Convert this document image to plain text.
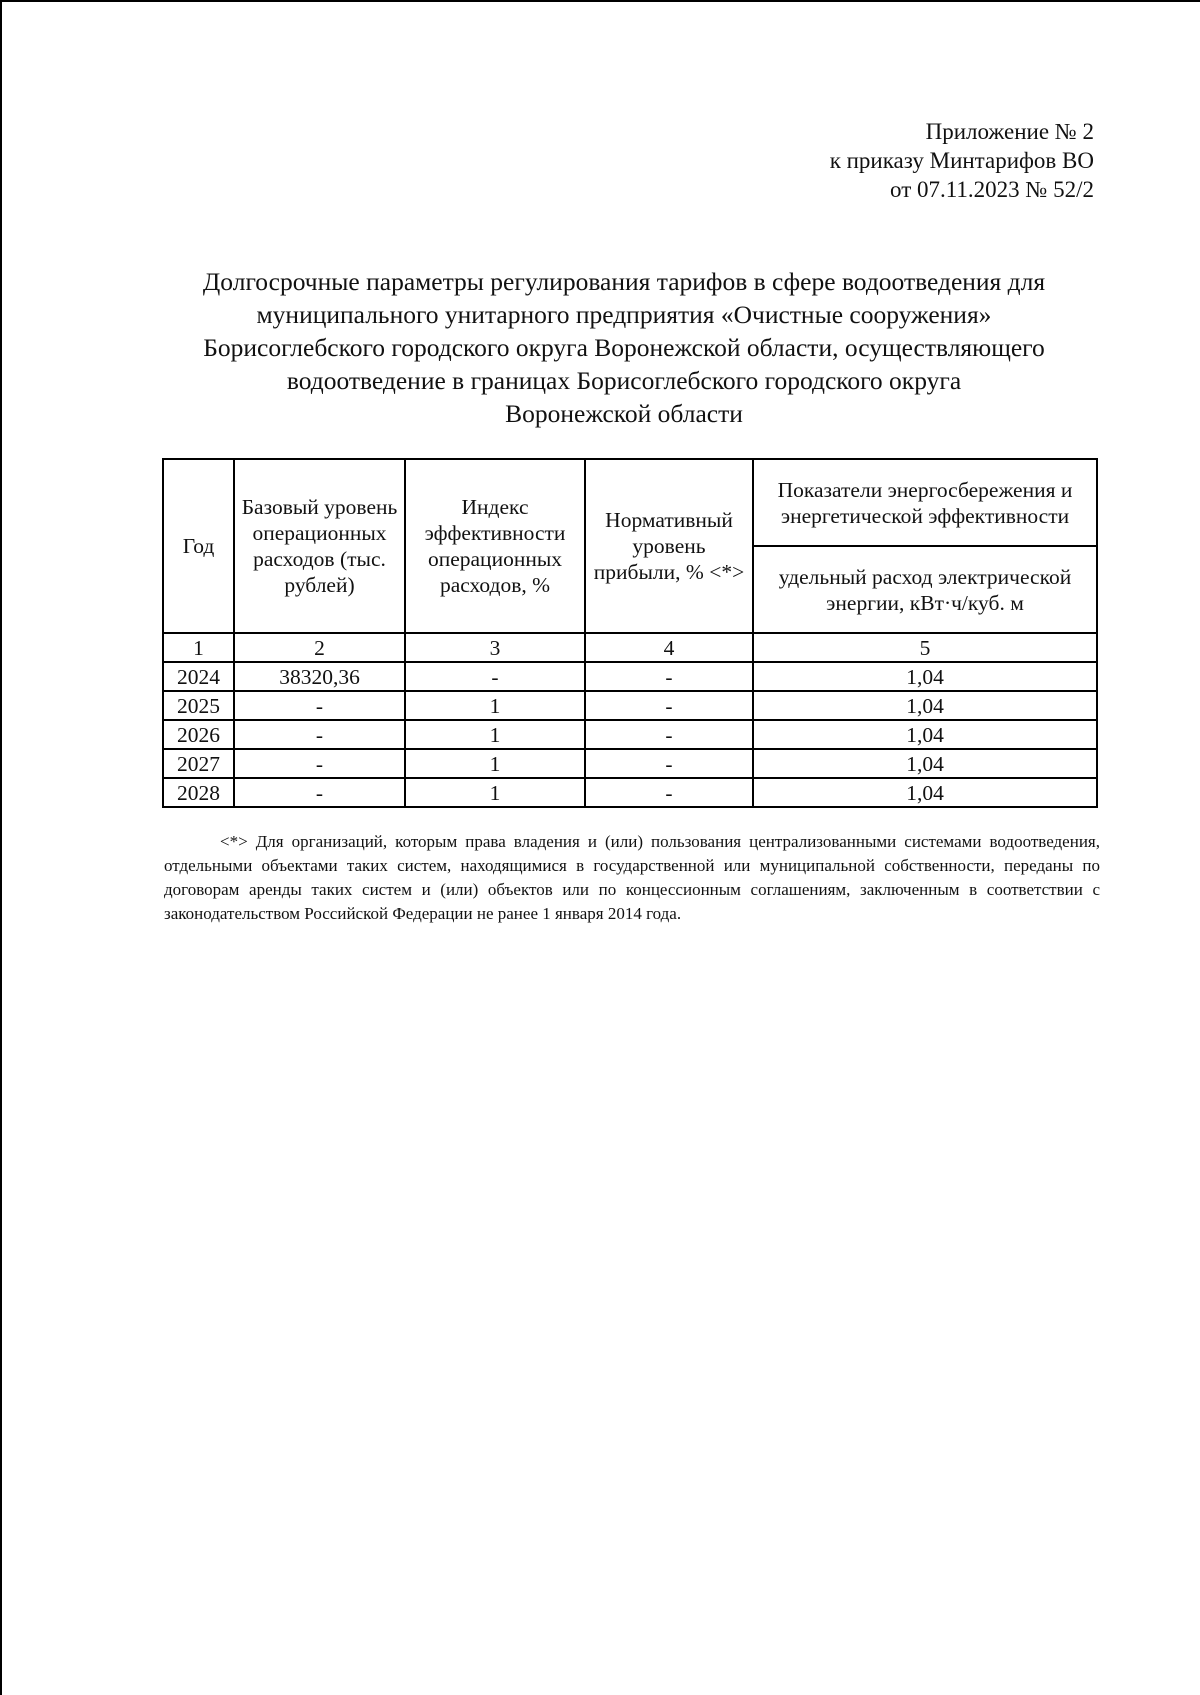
Приложение № 2
к приказу Минтарифов ВО
от 07.11.2023 № 52/2
Долгосрочные параметры регулирования тарифов в сфере водоотведения для
муниципального унитарного предприятия «Очистные сооружения»
Борисоглебского городского округа Воронежской области, осуществляющего
водоотведение в границах Борисоглебского городского округа
Воронежской области
Год	Базовый уровень операционных расходов (тыс. рублей)	Индекс эффективности операционных расходов, %	Нормативный уровень прибыли, % <*>	Показатели энергосбережения и энергетической эффективности
				удельный расход электрической энергии, кВт·ч/куб. м
1	2	3	4	5
2024	38320,36	-	-	1,04
2025	-	1	-	1,04
2026	-	1	-	1,04
2027	-	1	-	1,04
2028	-	1	-	1,04
<*> Для организаций, которым права владения и (или) пользования централизованными системами водоотведения, отдельными объектами таких систем, находящимися в государственной или муниципальной собственности, переданы по договорам аренды таких систем и (или) объектов или по концессионным соглашениям, заключенным в соответствии с законодательством Российской Федерации не ранее 1 января 2014 года.
